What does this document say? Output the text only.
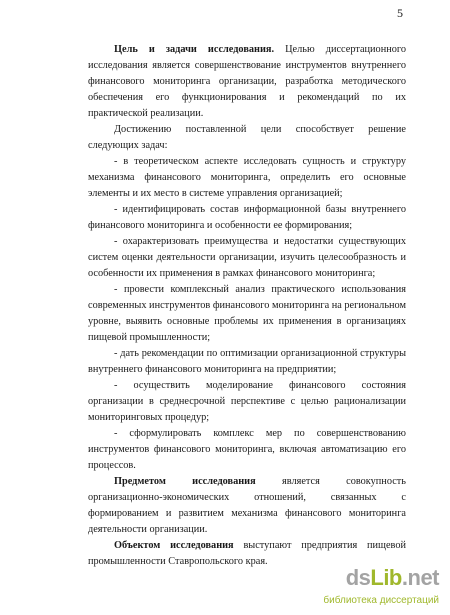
5

Цель и задачи исследования. Целью диссертационного исследования является совершенствование инструментов внутреннего финансового мониторинга организации, разработка методического обеспечения его функционирования и рекомендаций по их практической реализации.

Достижению поставленной цели способствует решение следующих задач:

- в теоретическом аспекте исследовать сущность и структуру механизма финансового мониторинга, определить его основные элементы и их место в системе управления организацией;

- идентифицировать состав информационной базы внутреннего финансового мониторинга и особенности ее формирования;

- охарактеризовать преимущества и недостатки существующих систем оценки деятельности организации, изучить целесообразность и особенности их применения в рамках финансового мониторинга;

- провести комплексный анализ практического использования современных инструментов финансового мониторинга на региональном уровне, выявить основные проблемы их применения в организациях пищевой промышленности;

- дать рекомендации по оптимизации организационной структуры внутреннего финансового мониторинга на предприятии;

- осуществить моделирование финансового состояния организации в среднесрочной перспективе с целью рационализации мониторинговых процедур;

- сформулировать комплекс мер по совершенствованию инструментов финансового мониторинга, включая автоматизацию его процессов.

Предметом исследования является совокупность организационно-экономических отношений, связанных с формированием и развитием механизма финансового мониторинга деятельности организации.

Объектом исследования выступают предприятия пищевой промышленности Ставропольского края.

dsLib.net
библиотека диссертаций
